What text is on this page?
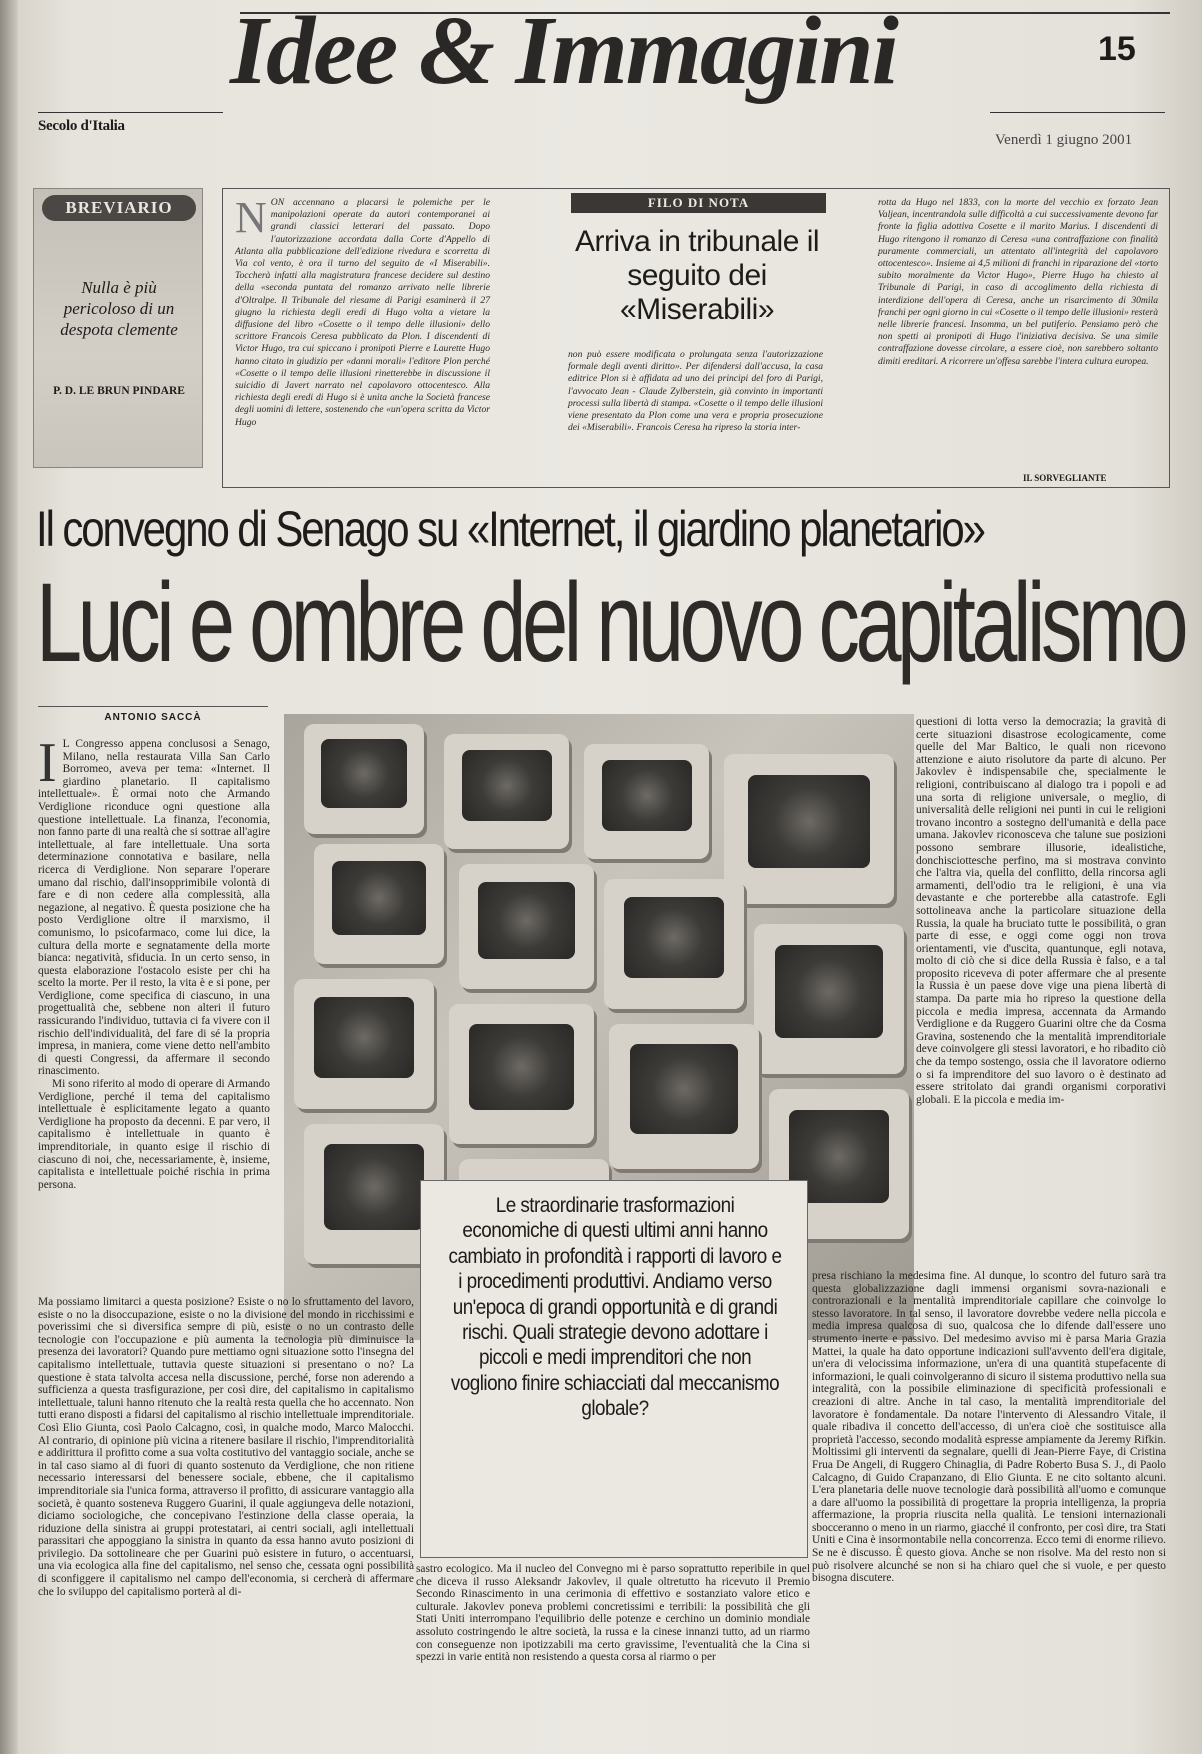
Secolo d'Italia
Idee & Immagini	15
Venerdì 1 giugno 2001
BREVIARIO
Nulla è più pericoloso di un despota clemente
P. D. LE BRUN PINDARE
NON accennano a placarsi le polemiche per le manipolazioni operate da autori contemporanei ai grandi classici letterari del passato. Dopo l'autorizzazione accordata dalla Corte d'Appello di Atlanta alla pubblicazione dell'edizione rivedura e scorretta di Via col vento, è ora il turno del seguito de «I Miserabili». Toccherà infatti alla magistratura francese decidere sul destino della «seconda puntata del romanzo arrivato nelle librerie d'Oltralpe. Il Tribunale del riesame di Parigi esaminerà il 27 giugno la richiesta degli eredi di Hugo volta a vietare la diffusione del libro «Cosette o il tempo delle illusioni» dello scrittore Francois Ceresa pubblicato da Plon. I discendenti di Victor Hugo, tra cui spiccano i pronipoti Pierre e Laurette Hugo hanno citato in giudizio per «danni morali» l'editore Plon perché «Cosette o il tempo delle illusioni rinetterebbe in discussione il suicidio di Javert narrato nel capolavoro ottocentesco. Alla richiesta degli eredi di Hugo si è unita anche la Società francese degli uomini di lettere, sostenendo che «un'opera scritta da Victor Hugo
FILO DI NOTA
Arriva in tribunale il seguito dei «Miserabili»
non può essere modificata o prolungata senza l'autorizzazione formale degli aventi diritto». Per difendersi dall'accusa, la casa editrice Plon si è affidata ad uno dei principi del foro di Parigi, l'avvocato Jean - Claude Zylberstein, già convinto in importanti processi sulla libertà di stampa. «Cosette o il tempo delle illusioni viene presentato da Plon come una vera e propria prosecuzione dei «Miserabili». Francois Ceresa ha ripreso la storia inter-
rotta da Hugo nel 1833, con la morte del vecchio ex forzato Jean Valjean, incentrandola sulle difficoltà a cui successivamente devono far fronte la figlia adottiva Cosette e il marito Marius. I discendenti di Hugo ritengono il romanzo di Ceresa «una contraffazione con finalità puramente commerciali, un attentato all'integrità del capolavoro ottocentesco». Insieme ai 4,5 milioni di franchi in riparazione del «torto subito moralmente da Victor Hugo», Pierre Hugo ha chiesto al Tribunale di Parigi, in caso di accoglimento della richiesta di interdizione dell'opera di Ceresa, anche un risarcimento di 30mila franchi per ogni giorno in cui «Cosette o il tempo delle illusioni» resterà nelle librerie francesi. Insomma, un bel putiferio. Pensiamo però che non spetti ai pronipoti di Hugo l'iniziativa decisiva. Se una simile contraffazione dovesse circolare, a essere cioè, non sarebbero soltanto dimiti ereditari. A ricorrere un'offesa sarebbe l'intera cultura europea.
IL SORVEGLIANTE
Il convegno di Senago su «Internet, il giardino planetario»
Luci e ombre del nuovo capitalismo
ANTONIO SACCÀ

I L Congresso appena conclusosi a Senago, Milano, nella restaurata Villa San Carlo Borromeo, aveva per tema: «Internet. Il giardino planetario. Il capitalismo intellettuale». È ormai noto che Armando Verdiglione riconduce ogni questione alla questione intellettuale. La finanza, l'economia, non fanno parte di una realtà che si sottrae all'agire intellettuale, al fare intellettuale. Una sorta determinazione connotativa e basilare, nella ricerca di Verdiglione. Non separare l'operare umano dal rischio, dall'insopprimibile volontà di fare e di non cedere alla complessità, alla negazione, al negativo. È questa posizione che ha posto Verdiglione oltre il marxismo, il comunismo, lo psicofarmaco, come lui dice, la cultura della morte e segnatamente della morte bianca: negatività, sfiducia. In un certo senso, in questa elaborazione l'ostacolo esiste per chi ha scelto la morte. Per il resto, la vita è e si pone, per Verdiglione, come specifica di ciascuno, in una progettualità che, sebbene non alteri il futuro rassicurando l'individuo, tuttavia ci fa vivere con il rischio dell'individualità, del fare di sé la propria impresa, in maniera, come viene detto nell'ambito di questi Congressi, da affermare il secondo rinascimento.

Mi sono riferito al modo di operare di Armando Verdiglione, perché il tema del capitalismo intellettuale è esplicitamente legato a quanto Verdiglione ha proposto da decenni. E par vero, il capitalismo è intellettuale in quanto è imprenditoriale, in quanto esige il rischio di ciascuno di noi, che, necessariamente, è, insieme, capitalista e intellettuale poiché rischia in prima persona.

questioni di lotta verso la democrazia; la gravità di certe situazioni disastrose ecologicamente, come quelle del Mar Baltico, le quali non ricevono attenzione e aiuto risolutore da parte di alcuno. Per Jakovlev è indispensabile che, specialmente le religioni, contribuiscano al dialogo tra i popoli e ad una sorta di religione universale, o meglio, di universalità delle religioni nei punti in cui le religioni trovano incontro a sostegno dell'umanità e della pace umana. Jakovlev riconosceva che talune sue posizioni possono sembrare illusorie, idealistiche, donchisciottesche perfino, ma si mostrava convinto che l'altra via, quella del conflitto, della rincorsa agli armamenti, dell'odio tra le religioni, è una via devastante e che porterebbe alla catastrofe. Egli sottolineava anche la particolare situazione della Russia, la quale ha bruciato tutte le possibilità, o gran parte di esse, e oggi come oggi non trova orientamenti, vie d'uscita, quantunque, egli notava, molto di ciò che si dice della Russia è falso, e a tal proposito riceveva di poter affermare che al presente la Russia è un paese dove vige una piena libertà di stampa. Da parte mia ho ripreso la questione della piccola e media impresa, accennata da Armando Verdiglione e da Ruggero Guarini oltre che da Cosma Gravina, sostenendo che la mentalità imprenditoriale deve coinvolgere gli stessi lavoratori, e ho ribadito ciò che da tempo sostengo, ossia che il lavoratore odierno o si fa imprenditore del suo lavoro o è destinato ad essere stritolato dai grandi organismi corporativi globali. E la piccola e media im-
Le straordinarie trasformazioni economiche di questi ultimi anni hanno cambiato in profondità i rapporti di lavoro e i procedimenti produttivi. Andiamo verso un'epoca di grandi opportunità e di grandi rischi. Quali strategie devono adottare i piccoli e medi imprenditori che non vogliono finire schiacciati dal meccanismo globale?
Ma possiamo limitarci a questa posizione? Esiste o no lo sfruttamento del lavoro, esiste o no la disoccupazione, esiste o no la divisione del mondo in ricchissimi e poverissimi che si diversifica sempre di più, esiste o no un contrasto delle tecnologie con l'occupazione e più aumenta la tecnologia più diminuisce la presenza dei lavoratori? Quando pure mettiamo ogni situazione sotto l'insegna del capitalismo intellettuale, tuttavia queste situazioni si presentano o no? La questione è stata talvolta accesa nella discussione, perché, forse non aderendo a sufficienza a questa trasfigurazione, per così dire, del capitalismo in capitalismo intellettuale, taluni hanno ritenuto che la realtà resta quella che ho accennato. Non tutti erano disposti a fidarsi del capitalismo al rischio intellettuale imprenditoriale. Così Elio Giunta, così Paolo Calcagno, così, in qualche modo, Marco Malocchi. Al contrario, di opinione più vicina a ritenere basilare il rischio, l'imprenditorialità e addirittura il profitto come a sua volta costitutivo del vantaggio sociale, anche se in tal caso siamo al di fuori di quanto sostenuto da Verdiglione, che non ritiene necessario interessarsi del benessere sociale, ebbene, che il capitalismo imprenditoriale sia l'unica forma, attraverso il profitto, di assicurare vantaggio alla società, è quanto sosteneva Ruggero Guarini, il quale aggiungeva delle notazioni, diciamo sociologiche, che concepivano l'estinzione della classe operaia, la riduzione della sinistra ai gruppi protestatari, ai centri sociali, agli intellettuali parassitari che appoggiano la sinistra in quanto da essa hanno avuto posizioni di privilegio. Da sottolineare che per Guarini può esistere in futuro, o accentuarsi, una via ecologica alla fine del capitalismo, nel senso che, cessata ogni possibilità di sconfiggere il capitalismo nel campo dell'economia, si cercherà di affermare che lo sviluppo del capitalismo porterà al di-
sastro ecologico. Ma il nucleo del Convegno mi è parso soprattutto reperibile in quel che diceva il russo Aleksandr Jakovlev, il quale oltretutto ha ricevuto il Premio Secondo Rinascimento in una cerimonia di effettivo e sostanziato valore etico e culturale. Jakovlev poneva problemi concretissimi e terribili: la possibilità che gli Stati Uniti interrompano l'equilibrio delle potenze e cerchino un dominio mondiale assoluto costringendo le altre società, la russa e la cinese innanzi tutto, ad un riarmo con conseguenze non ipotizzabili ma certo gravissime, l'eventualità che la Cina si spezzi in varie entità non resistendo a questa corsa al riarmo o per
presa rischiano la medesima fine. Al dunque, lo scontro del futuro sarà tra questa globalizzazione dagli immensi organismi sovra-nazionali e controrazionali e la mentalità imprenditoriale capillare che coinvolge lo stesso lavoratore. In tal senso, il lavoratore dovrebbe vedere nella piccola e media impresa qualcosa di suo, qualcosa che lo difende dall'essere uno strumento inerte e passivo. Del medesimo avviso mi è parsa Maria Grazia Mattei, la quale ha dato opportune indicazioni sull'avvento dell'era digitale, un'era di velocissima informazione, un'era di una quantità stupefacente di informazioni, le quali coinvolgeranno di sicuro il sistema produttivo nella sua integralità, con la possibile eliminazione di specificità professionali e creazioni di altre. Anche in tal caso, la mentalità imprenditoriale del lavoratore è fondamentale. Da notare l'intervento di Alessandro Vitale, il quale ribadiva il concetto dell'accesso, di un'era cioè che sostituisce alla proprietà l'accesso, secondo modalità espresse ampiamente da Jeremy Rifkin. Moltissimi gli interventi da segnalare, quelli di Jean-Pierre Faye, di Cristina Frua De Angeli, di Ruggero Chinaglia, di Padre Roberto Busa S. J., di Paolo Calcagno, di Guido Crapanzano, di Elio Giunta. E ne cito soltanto alcuni. L'era planetaria delle nuove tecnologie darà possibilità all'uomo e comunque a dare all'uomo la possibilità di progettare la propria intelligenza, la propria affermazione, la propria riuscita nella qualità. Le tensioni internazionali sbocceranno o meno in un riarmo, giacché il confronto, per così dire, tra Stati Uniti e Cina è insormontabile nella concorrenza. Ecco temi di enorme rilievo. Se ne è discusso. È questo giova. Anche se non risolve. Ma del resto non si può risolvere alcunché se non si ha chiaro quel che si vuole, e per questo bisogna discutere.
